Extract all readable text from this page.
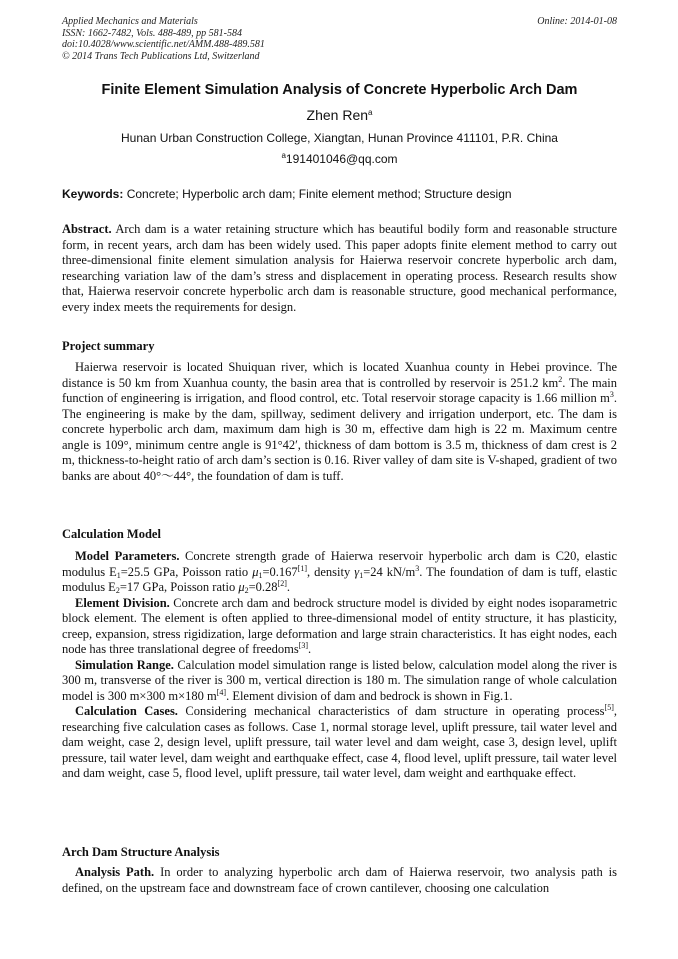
Applied Mechanics and Materials
ISSN: 1662-7482, Vols. 488-489, pp 581-584
doi:10.4028/www.scientific.net/AMM.488-489.581
© 2014 Trans Tech Publications Ltd, Switzerland
Online: 2014-01-08
Finite Element Simulation Analysis of Concrete Hyperbolic Arch Dam
Zhen Ren$^a$
Hunan Urban Construction College, Xiangtan, Hunan Province 411101, P.R. China
$^a$191401046@qq.com
Keywords: Concrete; Hyperbolic arch dam; Finite element method; Structure design

Abstract. Arch dam is a water retaining structure which has beautiful bodily form and reasonable structure form, in recent years, arch dam has been widely used. This paper adopts finite element method to carry out three-dimensional finite element simulation analysis for Haierwa reservoir concrete hyperbolic arch dam, researching variation law of the dam’s stress and displacement in operating process. Research results show that, Haierwa reservoir concrete hyperbolic arch dam is reasonable structure, good mechanical performance, every index meets the requirements for design.

Project summary

Haierwa reservoir is located Shuiquan river, which is located Xuanhua county in Hebei province. The distance is 50 km from Xuanhua county, the basin area that is controlled by reservoir is 251.2 $km^2$. The main function of engineering is irrigation, and flood control, etc. Total reservoir storage capacity is 1.66 million $m^3$. The engineering is make by the dam, spillway, sediment delivery and irrigation underport, etc. The dam is concrete hyperbolic arch dam, maximum dam high is 30 m, effective dam high is 22 m. Maximum centre angle is 109°, minimum centre angle is 91°42′, thickness of dam bottom is 3.5 m, thickness of dam crest is 2 m, thickness-to-height ratio of arch dam’s section is 0.16. River valley of dam site is V-shaped, gradient of two banks are about 40°～44°, the foundation of dam is tuff.

Calculation Model

Model Parameters. Concrete strength grade of Haierwa reservoir hyperbolic arch dam is C20, elastic modulus $E_1=25.5$ GPa, Poisson ratio $\mu_1=0.167[1]$, density $\gamma_1=24$ $kN/m^3$. The foundation of dam is tuff, elastic modulus $E_2=17$ GPa, Poisson ratio $\mu_2=0.28[2]$.

Element Division. Concrete arch dam and bedrock structure model is divided by eight nodes isoparametric block element. The element is often applied to three-dimensional model of entity structure, it has plasticity, creep, expansion, stress rigidization, large deformation and large strain characteristics. It has eight nodes, each node has three translational degree of freedoms[3].

Simulation Range. Calculation model simulation range is listed below, calculation model along the river is 300 m, transverse of the river is 300 m, vertical direction is 180 m. The simulation range of whole calculation model is 300 m×300 m×180 m[4]. Element division of dam and bedrock is shown in Fig.1.

Calculation Cases. Considering mechanical characteristics of dam structure in operating process[5], researching five calculation cases as follows. Case 1, normal storage level, uplift pressure, tail water level and dam weight, case 2, design level, uplift pressure, tail water level and dam weight, case 3, design level, uplift pressure, tail water level, dam weight and earthquake effect, case 4, flood level, uplift pressure, tail water level and dam weight, case 5, flood level, uplift pressure, tail water level, dam weight and earthquake effect.

Arch Dam Structure Analysis

Analysis Path. In order to analyzing hyperbolic arch dam of Haierwa reservoir, two analysis path is defined, on the upstream face and downstream face of crown cantilever, choosing one calculation
